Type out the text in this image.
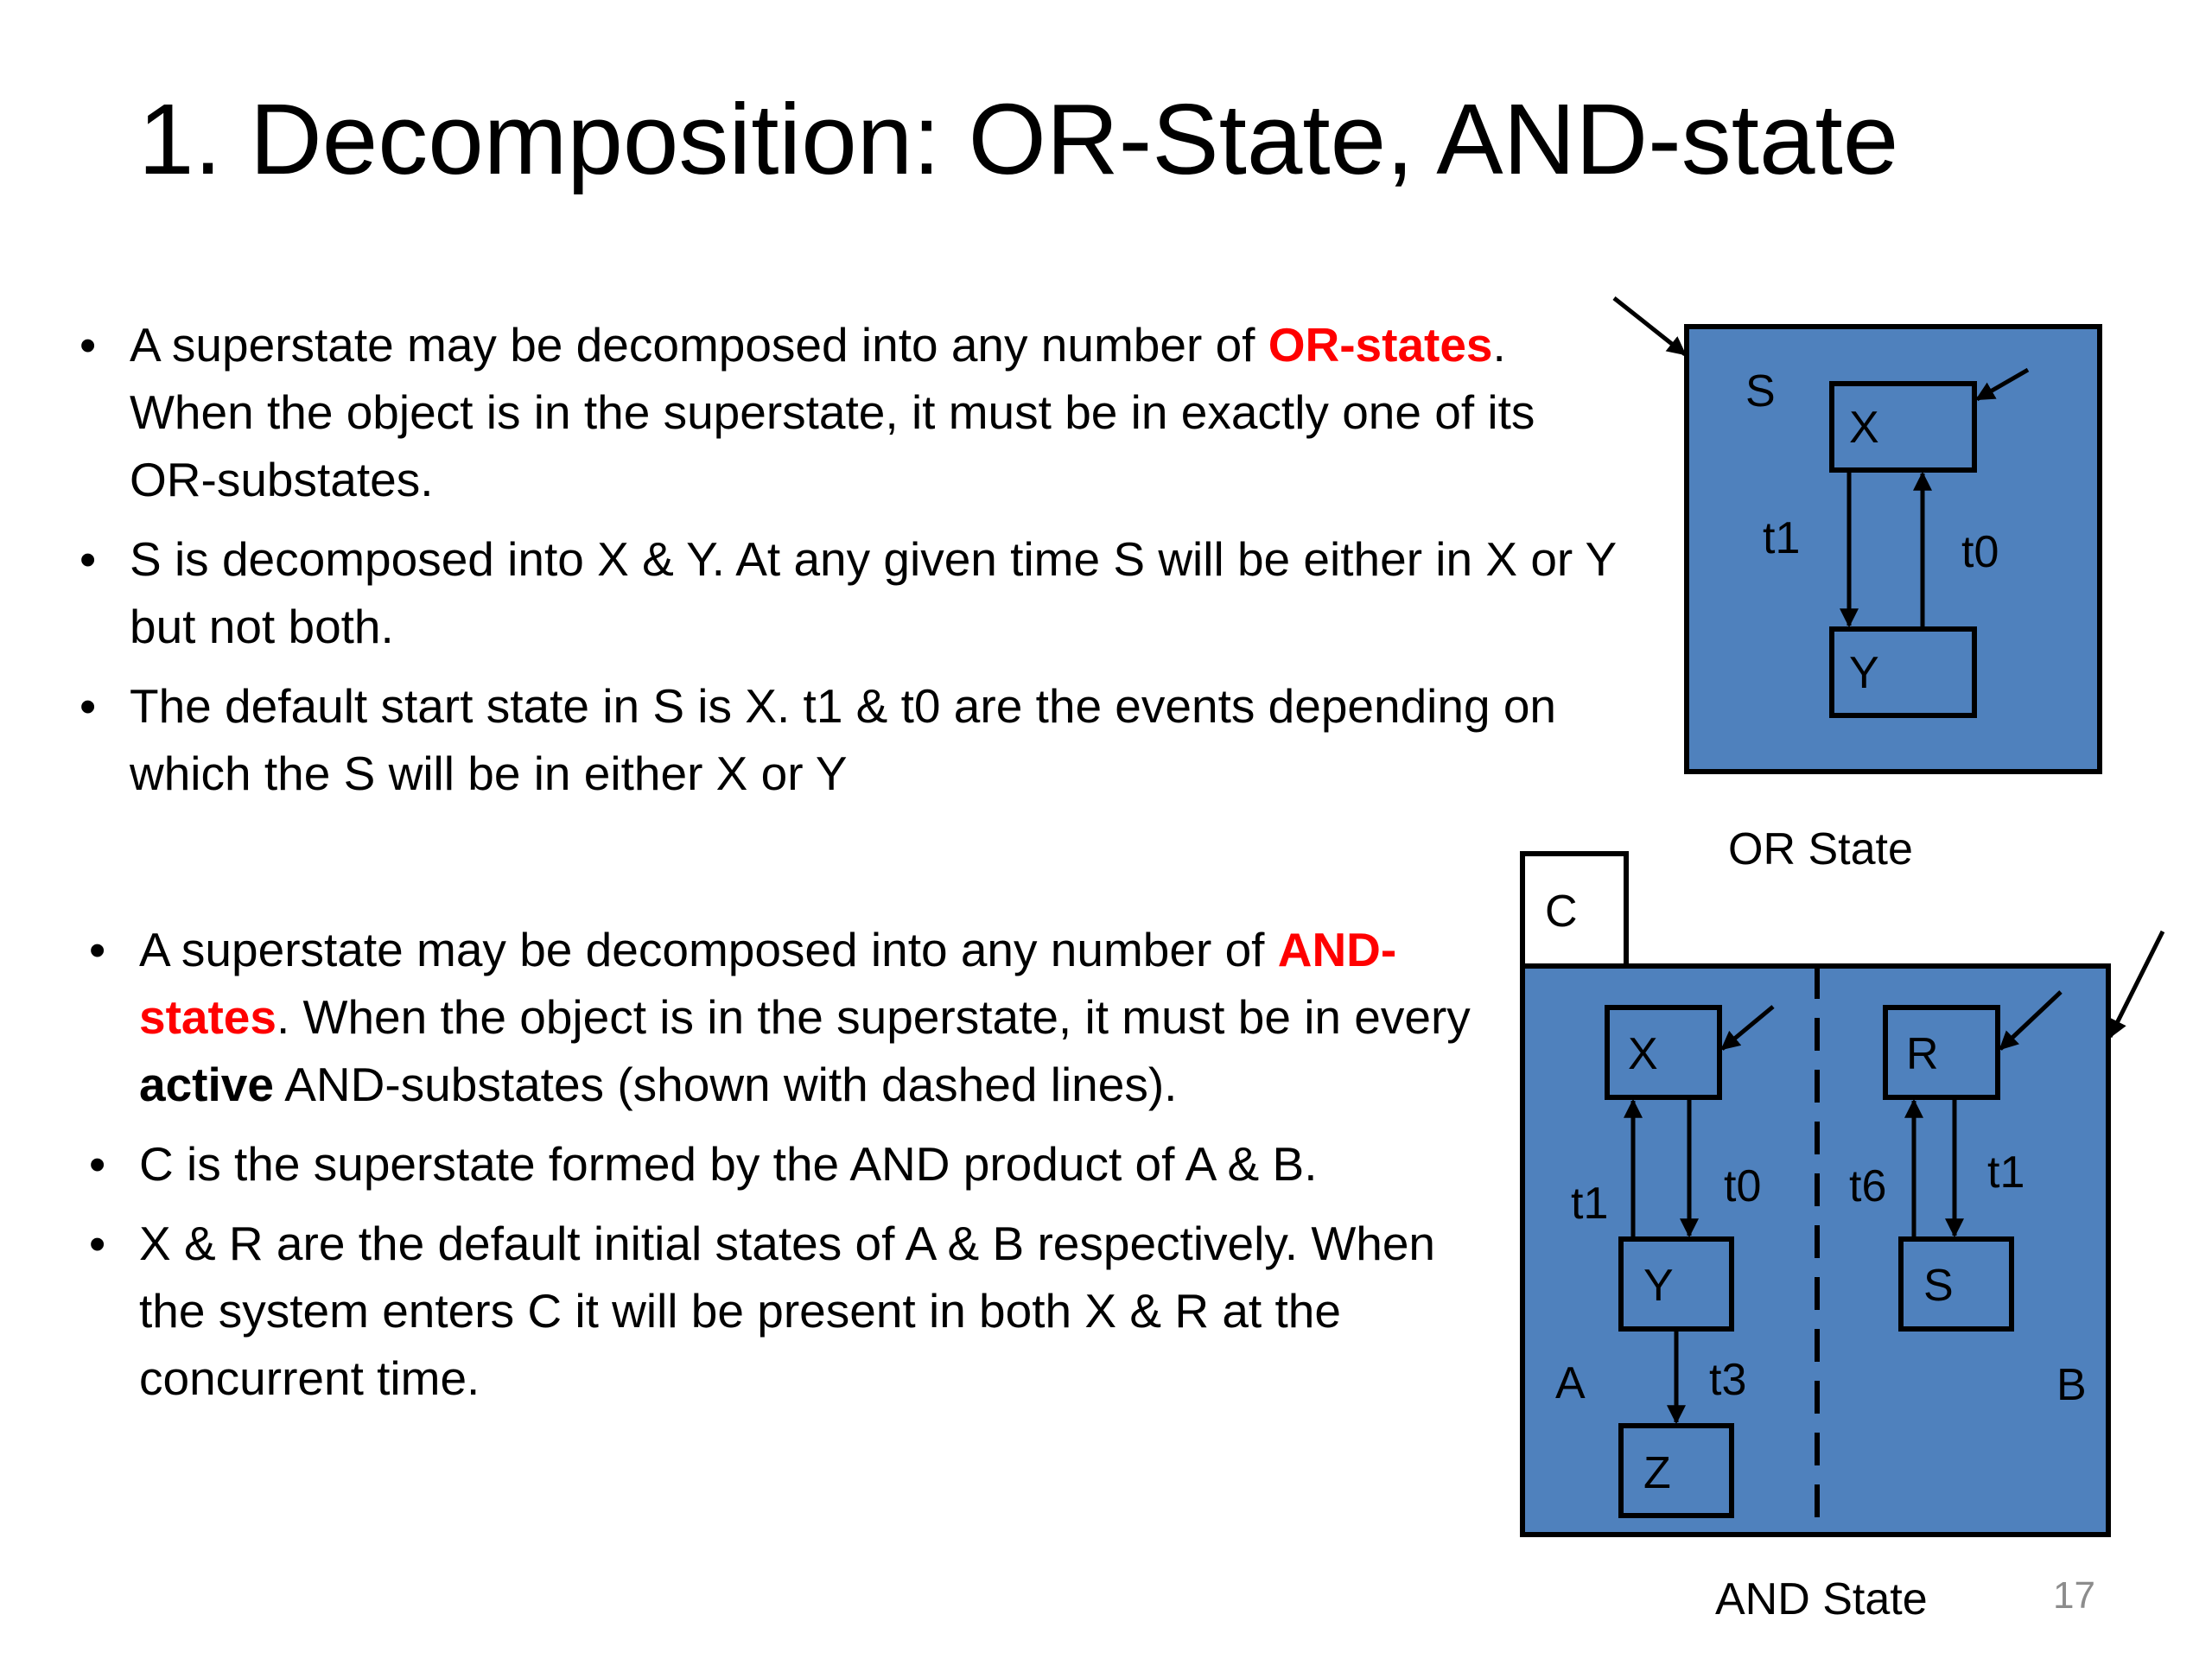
1. Decomposition: OR-State, AND-state
• A superstate may be decomposed into any number of OR-states. When the object is in the superstate, it must be in exactly one of its OR-substates.
• S is decomposed into X & Y. At any given time S will be either in X or Y but not both.
• The default start state in S is X. t1 & t0 are the events depending on which the S will be in either X or Y
• A superstate may be decomposed into any number of AND-states. When the object is in the superstate, it must be in every active AND-substates (shown with dashed lines).
• C is the superstate formed by the AND product of A & B.
• X & R are the default initial states of A & B respectively. When the system enters C it will be present in both X & R at the concurrent time.
S
X
Y
t1	t0
OR State
C
X
Y
Z
t1	t0
t3
A
R
S
t6 t1
B
AND State	17
